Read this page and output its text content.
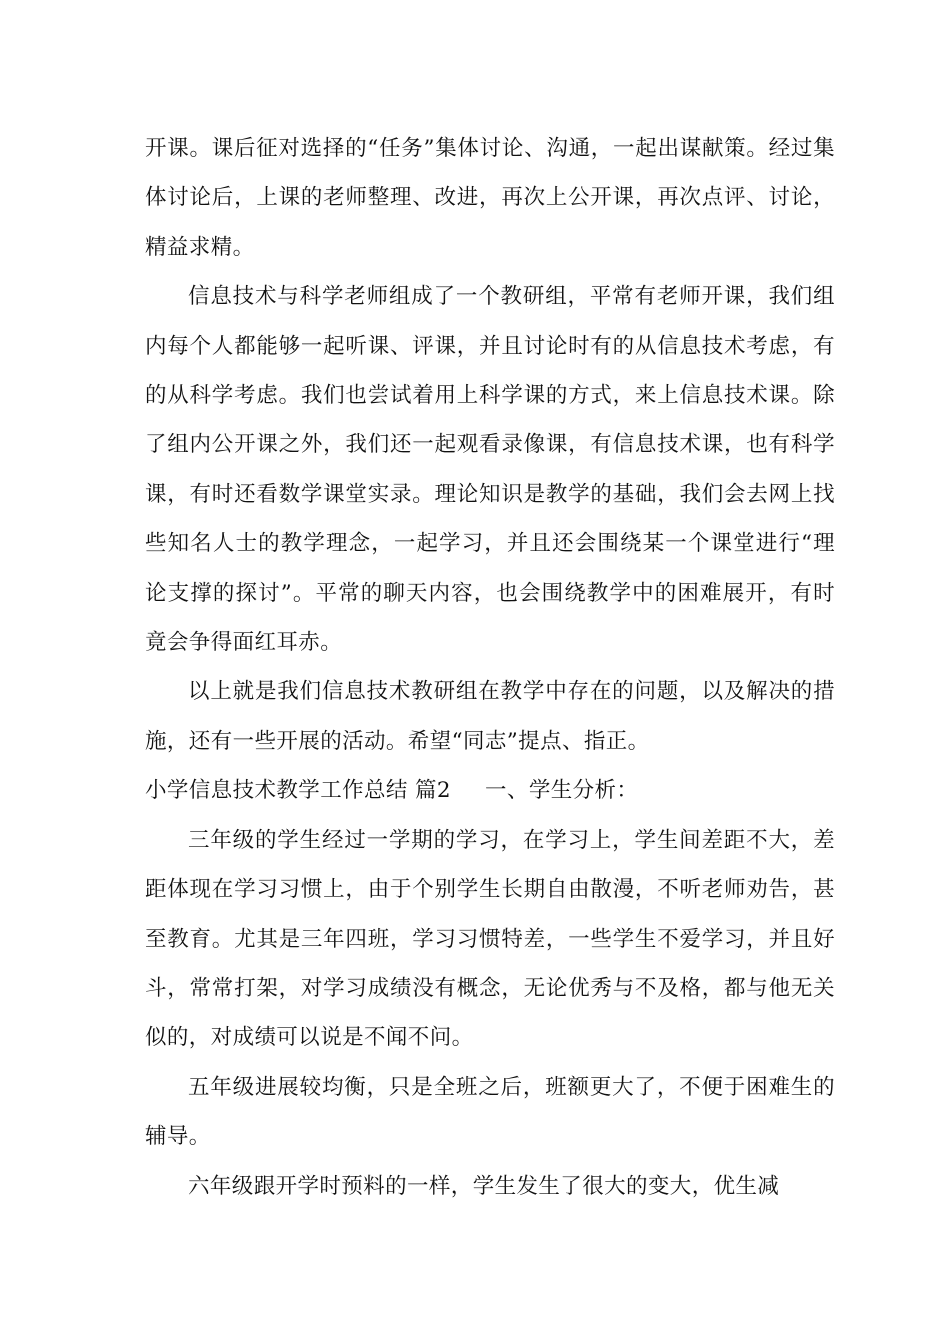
开课。课后征对选择的“任务”集体讨论、沟通，一起出谋献策。经过集体讨论后，上课的老师整理、改进，再次上公开课，再次点评、讨论，精益求精。

信息技术与科学老师组成了一个教研组，平常有老师开课，我们组内每个人都能够一起听课、评课，并且讨论时有的从信息技术考虑，有的从科学考虑。我们也尝试着用上科学课的方式，来上信息技术课。除了组内公开课之外，我们还一起观看录像课，有信息技术课，也有科学课，有时还看数学课堂实录。理论知识是教学的基础，我们会去网上找些知名人士的教学理念，一起学习，并且还会围绕某一个课堂进行“理论支撑的探讨”。平常的聊天内容，也会围绕教学中的困难展开，有时竟会争得面红耳赤。

以上就是我们信息技术教研组在教学中存在的问题，以及解决的措施，还有一些开展的活动。希望“同志”提点、指正。

小学信息技术教学工作总结 篇2 一、学生分析：

三年级的学生经过一学期的学习，在学习上，学生间差距不大，差距体现在学习习惯上，由于个别学生长期自由散漫，不听老师劝告，甚至教育。尤其是三年四班，学习习惯特差，一些学生不爱学习，并且好斗，常常打架，对学习成绩没有概念，无论优秀与不及格，都与他无关似的，对成绩可以说是不闻不问。

五年级进展较均衡，只是全班之后，班额更大了，不便于困难生的辅导。

六年级跟开学时预料的一样，学生发生了很大的变大，优生减
